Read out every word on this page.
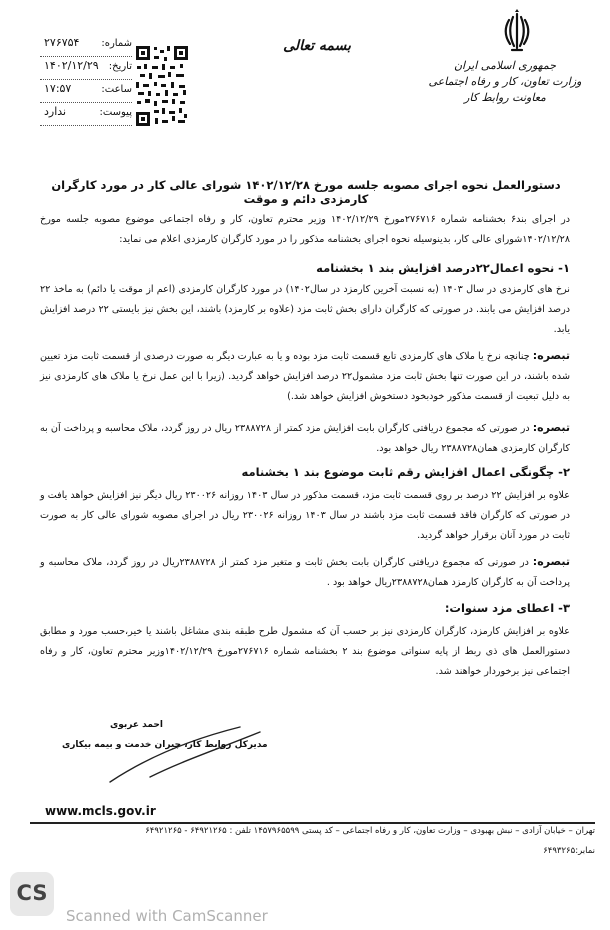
جمهوری اسلامی ایران
وزارت تعاون، کار و رفاه اجتماعی
معاونت روابط کار
بسمه تعالی
شماره:
۲۷۶۷۵۴
تاریخ:
۱۴۰۲/۱۲/۲۹
ساعت:
۱۷:۵۷
پیوست:
ندارد
دستورالعمل نحوه اجرای مصوبه جلسه مورخ ۱۴۰۲/۱۲/۲۸ شورای عالی کار در مورد کارگران کارمزدی دائم و موقت
در اجرای بند۶ بخشنامه شماره ۲۷۶۷۱۶مورخ ۱۴۰۲/۱۲/۲۹ وزیر محترم تعاون، کار و رفاه اجتماعی موضوع مصوبه جلسه مورخ ۱۴۰۲/۱۲/۲۸شورای عالی کار، بدینوسیله نحوه اجرای بخشنامه مذکور را در مورد کارگران کارمزدی اعلام می نماید:
۱- نحوه اعمال۲۲درصد افزایش بند ۱ بخشنامه
نرخ های کارمزدی در سال ۱۴۰۳ (به نسبت آخرین کارمزد در سال۱۴۰۲) در مورد کارگران کارمزدی (اعم از موقت یا دائم) به ماخذ ۲۲ درصد افزایش می یابند. در صورتی که کارگران دارای بخش ثابت مزد (علاوه بر کارمزد) باشند، این بخش نیز بایستی ۲۲ درصد افزایش یابد.
تبصره: چنانچه نرخ یا ملاک های کارمزدی تابع قسمت ثابت مزد بوده و یا به عبارت دیگر به صورت درصدی از قسمت ثابت مزد تعیین شده باشند، در این صورت تنها بخش ثابت مزد مشمول۲۲ درصد افزایش خواهد گردید. (زیرا با این عمل نرخ یا ملاک های کارمزدی نیز به دلیل تبعیت از قسمت مذکور خودبخود دستخوش افزایش خواهد شد.)
تبصره: در صورتی که مجموع دریافتی کارگران بابت افزایش مزد کمتر از ۲۳۸۸۷۲۸ ریال در روز گردد، ملاک محاسبه و پرداخت آن به کارگران کارمزدی همان۲۳۸۸۷۲۸ ریال خواهد بود.
۲- چگونگی اعمال افزایش رقم ثابت موضوع بند ۱ بخشنامه
علاوه بر افزایش ۲۲ درصد بر روی قسمت ثابت مزد، قسمت مذکور در سال ۱۴۰۳ روزانه ۲۳۰۰۲۶ ریال دیگر نیز افزایش خواهد یافت و در صورتی که کارگران فاقد قسمت ثابت مزد باشند در سال ۱۴۰۳ روزانه ۲۳۰۰۲۶ ریال در اجرای مصوبه شورای عالی کار به صورت ثابت در مورد آنان برقرار خواهد گردید.
تبصره: در صورتی که مجموع دریافتی کارگران بابت بخش ثابت و متغیر مزد کمتر از ۲۳۸۸۷۲۸ریال در روز گردد، ملاک محاسبه و پرداخت آن به کارگران کارمزد همان۲۳۸۸۷۲۸ریال خواهد بود .
۳- اعطای مزد سنوات:
علاوه بر افزایش کارمزد، کارگران کارمزدی نیز بر حسب آن که مشمول طرح طبقه بندی مشاغل باشند یا خیر،حسب مورد و مطابق دستورالعمل های ذی ربط از پایه سنواتی موضوع بند ۲ بخشنامه شماره ۲۷۶۷۱۶مورخ ۱۴۰۲/۱۲/۲۹وزیر محترم تعاون، کار و رفاه اجتماعی نیز برخوردار خواهند شد.
احمد عربوی
مدیرکل روابط کار، جبران خدمت و بیمه بیکاری
www.mcls.gov.ir
تهران – خیابان آزادی – نبش بهبودی – وزارت تعاون، کار و رفاه اجتماعی – کد پستی ۱۴۵۷۹۶۵۵۹۹ تلفن : ۶۴۹۲۱۲۶۵ - ۶۴۹۲۱۲۶۵
نمابر:۶۴۹۳۲۶۵
CS
Scanned with CamScanner
